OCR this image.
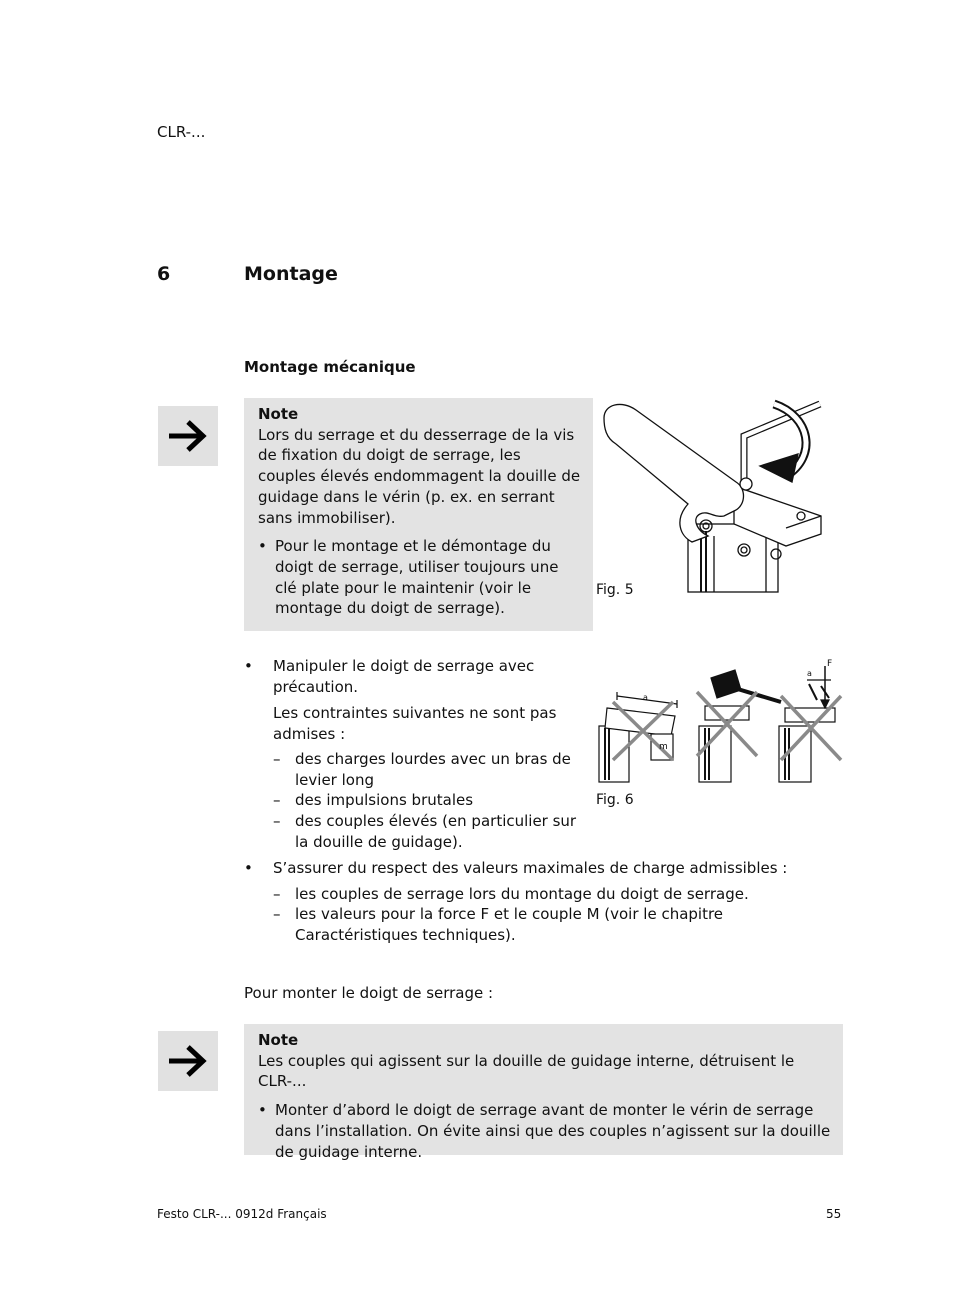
CLR-...
6	Montage
Montage mécanique
Note

Lors du serrage et du desserrage de la vis de fixation du doigt de serrage, les couples élevés endommagent la douille de guidage dans le vérin (p. ex. en serrant sans immobiliser).

• Pour le montage et le démontage du doigt de serrage, utiliser toujours une clé plate pour le maintenir (voir le montage du doigt de serrage).
Fig. 5
• Manipuler le doigt de serrage avec précaution.

Les contraintes suivantes ne sont pas admises :

– des charges lourdes avec un bras de levier long
– des impulsions brutales
– des couples élevés (en particulier sur la douille de guidage).
a
m
a
F
Fig. 6
• S’assurer du respect des valeurs maximales de charge admissibles :
– les couples de serrage lors du montage du doigt de serrage.
– les valeurs pour la force F et le couple M (voir le chapitre Caractéristiques techniques).
Pour monter le doigt de serrage :
Note

Les couples qui agissent sur la douille de guidage interne, détruisent le CLR-...

• Monter d’abord le doigt de serrage avant de monter le vérin de serrage dans l’installation. On évite ainsi que des couples n’agissent sur la douille de guidage interne.
Festo CLR-... 0912d Français	55
